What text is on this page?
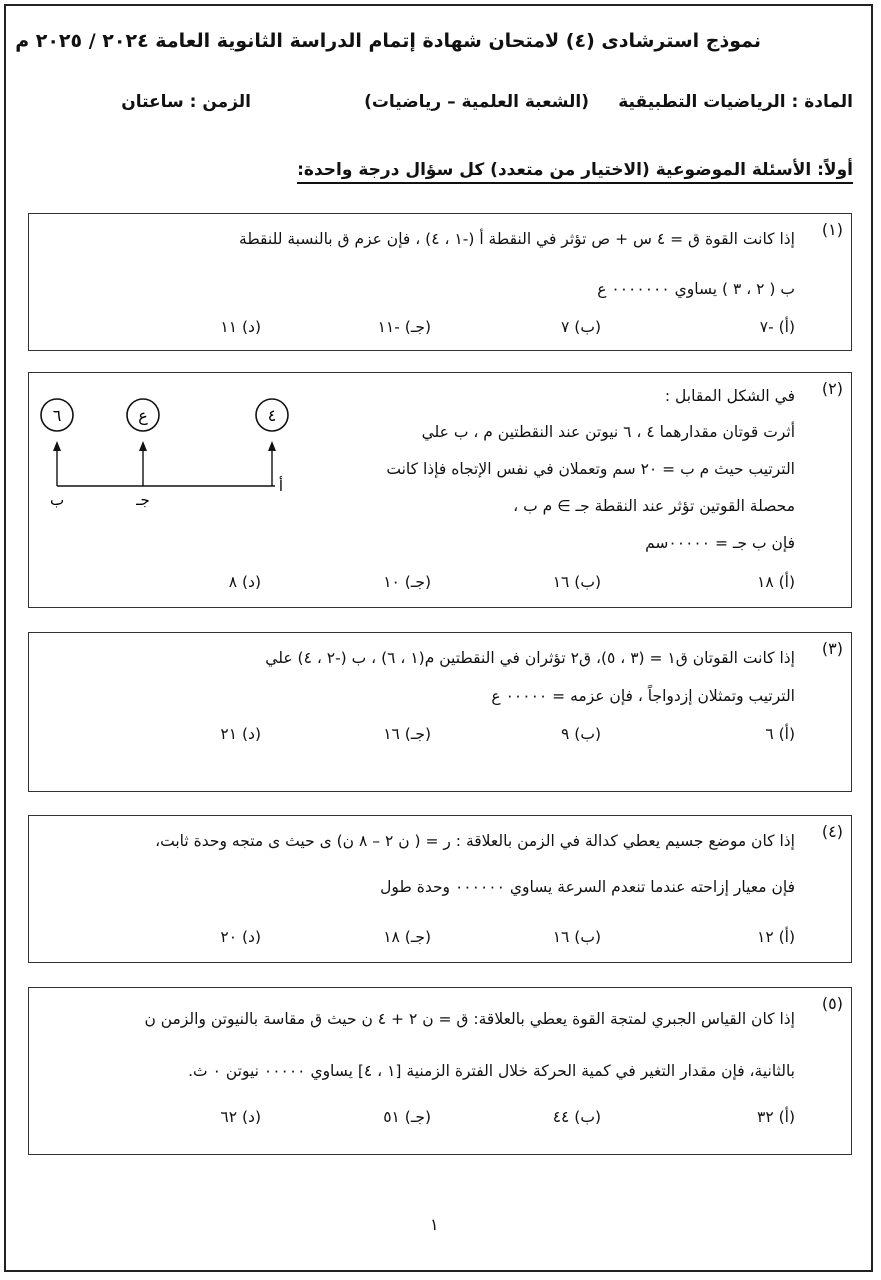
نموذج استرشادى (٤) لامتحان شهادة إتمام الدراسة الثانوية العامة ٢٠٢٤ / ٢٠٢٥ م
المادة : الرياضيات التطبيقية
(الشعبة العلمية – رياضيات)
الزمن : ساعتان
أولاً: الأسئلة الموضوعية (الاختيار من متعدد) كل سؤال درجة واحدة:
(١)
إذا كانت القوة ق = ٤ س + ص تؤثر في النقطة أ (-١ ، ٤) ، فإن عزم ق بالنسبة للنقطة
ب ( ٢ ، ٣ ) يساوي ٠٠٠٠٠٠٠ ع
(أ) -٧
(ب) ٧
(جـ) -١١
(د) ١١
(٢)
في الشكل المقابل :
أثرت قوتان مقدارهما ٤ ، ٦ نيوتن عند النقطتين م ، ب علي
الترتيب حيث م ب = ٢٠ سم وتعملان في نفس الإتجاه فإذا كانت
محصلة القوتين تؤثر عند النقطة جـ ∋ م ب ،
فإن ب جـ = ٠٠٠٠٠سم
٦	ع	٤
ب	جـ
أ
(أ) ١٨
(ب) ١٦
(جـ) ١٠
(د) ٨
(٣)
إذا كانت القوتان ق١ = (٣ ، ٥)، ق٢ تؤثران في النقطتين م(١ ، ٦) ، ب (-٢ ، ٤) علي
الترتيب وتمثلان إزدواجاً ، فإن عزمه = ٠٠٠٠٠ ع
(أ) ٦
(ب) ٩
(جـ) ١٦
(د) ٢١
(٤)
إذا كان موضع جسيم يعطي كدالة في الزمن بالعلاقة : ر = ( ن ٢ – ٨ ن) ى حيث ى متجه وحدة ثابت،
فإن معيار إزاحته عندما تنعدم السرعة يساوي ٠٠٠٠٠٠ وحدة طول
(أ) ١٢
(ب) ١٦
(جـ) ١٨
(د) ٢٠
(٥)
إذا كان القياس الجبري لمتجة القوة يعطي بالعلاقة: ق = ن ٢ + ٤ ن حيث ق مقاسة بالنيوتن والزمن ن
بالثانية، فإن مقدار التغير في كمية الحركة خلال الفترة الزمنية [١ ، ٤] يساوي ٠٠٠٠٠ نيوتن ٠ ث.
(أ) ٣٢
(ب) ٤٤
(جـ) ٥١
(د) ٦٢
١
